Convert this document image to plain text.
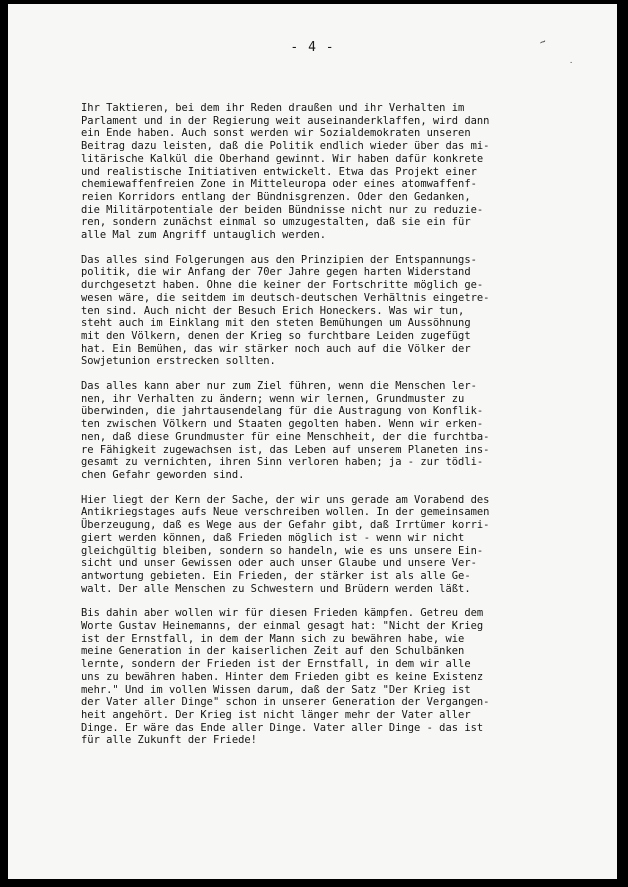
- 4 -	~
·
Ihr Taktieren, bei dem ihr Reden draußen und ihr Verhalten im
Parlament und in der Regierung weit auseinanderklaffen, wird dann
ein Ende haben. Auch sonst werden wir Sozialdemokraten unseren
Beitrag dazu leisten, daß die Politik endlich wieder über das mi-
litärische Kalkül die Oberhand gewinnt. Wir haben dafür konkrete
und realistische Initiativen entwickelt. Etwa das Projekt einer
chemiewaffenfreien Zone in Mitteleuropa oder eines atomwaffenf-
reien Korridors entlang der Bündnisgrenzen. Oder den Gedanken,
die Militärpotentiale der beiden Bündnisse nicht nur zu reduzie-
ren, sondern zunächst einmal so umzugestalten, daß sie ein für
alle Mal zum Angriff untauglich werden.
Das alles sind Folgerungen aus den Prinzipien der Entspannungs-
politik, die wir Anfang der 70er Jahre gegen harten Widerstand
durchgesetzt haben. Ohne die keiner der Fortschritte möglich ge-
wesen wäre, die seitdem im deutsch-deutschen Verhältnis eingetre-
ten sind. Auch nicht der Besuch Erich Honeckers. Was wir tun,
steht auch im Einklang mit den steten Bemühungen um Aussöhnung
mit den Völkern, denen der Krieg so furchtbare Leiden zugefügt
hat. Ein Bemühen, das wir stärker noch auch auf die Völker der
Sowjetunion erstrecken sollten.
Das alles kann aber nur zum Ziel führen, wenn die Menschen ler-
nen, ihr Verhalten zu ändern; wenn wir lernen, Grundmuster zu
überwinden, die jahrtausendelang für die Austragung von Konflik-
ten zwischen Völkern und Staaten gegolten haben. Wenn wir erken-
nen, daß diese Grundmuster für eine Menschheit, der die furchtba-
re Fähigkeit zugewachsen ist, das Leben auf unserem Planeten ins-
gesamt zu vernichten, ihren Sinn verloren haben; ja - zur tödli-
chen Gefahr geworden sind.
Hier liegt der Kern der Sache, der wir uns gerade am Vorabend des
Antikriegstages aufs Neue verschreiben wollen. In der gemeinsamen
Überzeugung, daß es Wege aus der Gefahr gibt, daß Irrtümer korri-
giert werden können, daß Frieden möglich ist - wenn wir nicht
gleichgültig bleiben, sondern so handeln, wie es uns unsere Ein-
sicht und unser Gewissen oder auch unser Glaube und unsere Ver-
antwortung gebieten. Ein Frieden, der stärker ist als alle Ge-
walt. Der alle Menschen zu Schwestern und Brüdern werden läßt.
Bis dahin aber wollen wir für diesen Frieden kämpfen. Getreu dem
Worte Gustav Heinemanns, der einmal gesagt hat: "Nicht der Krieg
ist der Ernstfall, in dem der Mann sich zu bewähren habe, wie
meine Generation in der kaiserlichen Zeit auf den Schulbänken
lernte, sondern der Frieden ist der Ernstfall, in dem wir alle
uns zu bewähren haben. Hinter dem Frieden gibt es keine Existenz
mehr." Und im vollen Wissen darum, daß der Satz "Der Krieg ist
der Vater aller Dinge" schon in unserer Generation der Vergangen-
heit angehört. Der Krieg ist nicht länger mehr der Vater aller
Dinge. Er wäre das Ende aller Dinge. Vater aller Dinge - das ist
für alle Zukunft der Friede!
